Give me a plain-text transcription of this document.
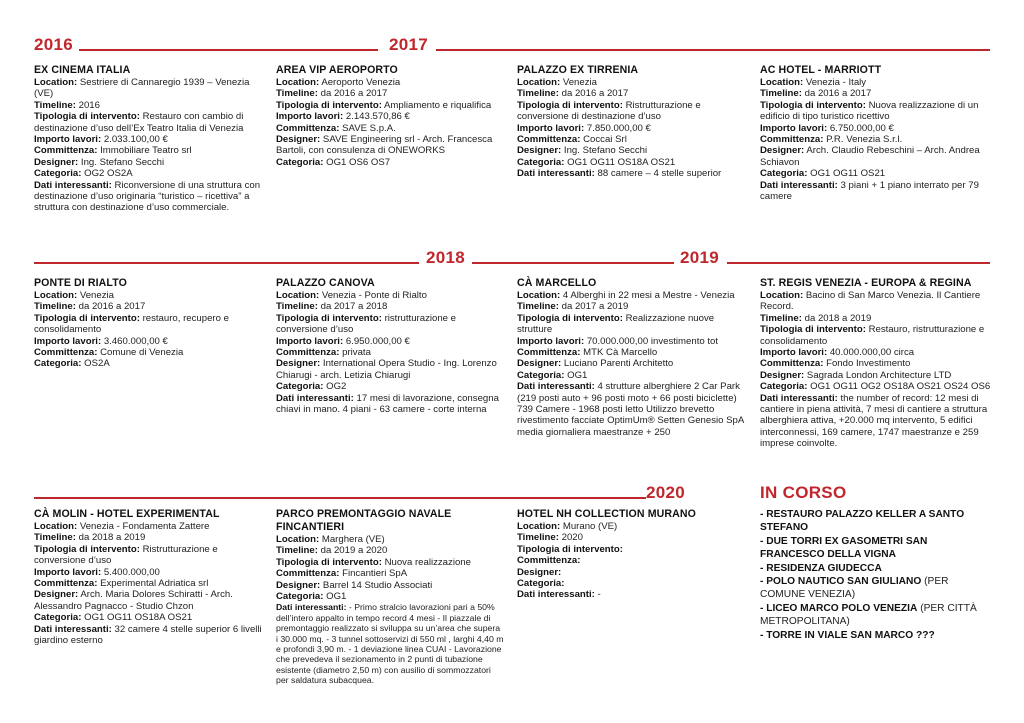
2016	2017
2018	2019
2020
EX CINEMA ITALIA
Location: Sestriere di Cannaregio 1939 – Venezia (VE)
Timeline: 2016
Tipologia di intervento: Restauro con cambio di destinazione d’uso dell’Ex Teatro Italia di Venezia
Importo lavori: 2.033.100,00 €
Committenza: Immobiliare Teatro srl
Designer: Ing. Stefano Secchi
Categoria: OG2 OS2A
Dati interessanti: Riconversione di una struttura con destinazione d’uso originaria “turistico – ricettiva” a struttura con destinazione d’uso commerciale.
AREA VIP AEROPORTO
Location: Aeroporto Venezia
Timeline: da 2016 a 2017
Tipologia di intervento: Ampliamento e riqualifica
Importo lavori: 2.143.570,86 €
Committenza: SAVE S.p.A.
Designer: SAVE Engineering srl - Arch. Francesca Bartoli, con consulenza di ONEWORKS
Categoria: OG1 OS6 OS7
PALAZZO EX TIRRENIA
Location: Venezia
Timeline: da 2016 a 2017
Tipologia di intervento: Ristrutturazione e conversione di destinazione d’uso
Importo lavori: 7.850.000,00 €
Committenza: Coccai Srl
Designer: Ing. Stefano Secchi
Categoria: OG1 OG11 OS18A OS21
Dati interessanti: 88 camere – 4 stelle superior
AC HOTEL - MARRIOTT
Location: Venezia - Italy
Timeline: da 2016 a 2017
Tipologia di intervento: Nuova realizzazione di un edificio di tipo turistico ricettivo
Importo lavori: 6.750.000,00 €
Committenza: P.R. Venezia S.r.l.
Designer: Arch. Claudio Rebeschini – Arch. Andrea Schiavon
Categoria: OG1 OG11 OS21
Dati interessanti: 3 piani + 1 piano interrato per 79 camere
PONTE DI RIALTO
Location: Venezia
Timeline: da 2016 a 2017
Tipologia di intervento: restauro, recupero e consolidamento
Importo lavori: 3.460.000,00 €
Committenza: Comune di Venezia
Categoria: OS2A
PALAZZO CANOVA
Location: Venezia - Ponte di Rialto
Timeline: da 2017 a 2018
Tipologia di intervento: ristrutturazione e conversione d’uso
Importo lavori: 6.950.000,00 €
Committenza: privata
Designer: International Opera Studio - Ing. Lorenzo Chiarugi - arch. Letizia Chiarugi
Categoria: OG2
Dati interessanti: 17 mesi di lavorazione, consegna chiavi in mano. 4 piani - 63 camere - corte interna
CÀ MARCELLO
Location: 4 Alberghi in 22 mesi a Mestre - Venezia
Timeline: da 2017 a 2019
Tipologia di intervento: Realizzazione nuove strutture
Importo lavori: 70.000.000,00 investimento tot
Committenza: MTK Cà Marcello
Designer: Luciano Parenti Architetto
Categoria: OG1
Dati interessanti: 4 strutture alberghiere 2 Car Park (219 posti auto + 96 posti moto + 66 posti biciclette) 739 Camere - 1968 posti letto Utilizzo brevetto rivestimento facciate OptimUm® Setten Genesio SpA media giornaliera maestranze + 250
ST. REGIS VENEZIA - EUROPA & REGINA
Location: Bacino di San Marco Venezia. Il Cantiere Record.
Timeline: da 2018 a 2019
Tipologia di intervento: Restauro, ristrutturazione e consolidamento
Importo lavori: 40.000.000,00 circa
Committenza: Fondo Investimento
Designer: Sagrada London Architecture LTD
Categoria: OG1 OG11 OG2 OS18A OS21 OS24 OS6
Dati interessanti: the number of record: 12 mesi di cantiere in piena attività, 7 mesi di cantiere a struttura alberghiera attiva, +20.000 mq intervento, 5 edifici interconnessi, 169 camere, 1747 maestranze e 259 imprese coinvolte.
CÀ MOLIN - HOTEL EXPERIMENTAL
Location: Venezia - Fondamenta Zattere
Timeline: da 2018 a 2019
Tipologia di intervento: Ristrutturazione e conversione d’uso
Importo lavori: 5.400.000,00
Committenza: Experimental Adriatica srl
Designer: Arch. Maria Dolores Schiratti - Arch. Alessandro Pagnacco - Studio Chzon
Categoria: OG1 OG11 OS18A OS21
Dati interessanti: 32 camere 4 stelle superior 6 livelli giardino esterno
PARCO PREMONTAGGIO NAVALE FINCANTIERI
Location: Marghera (VE)
Timeline: da 2019 a 2020
Tipologia di intervento: Nuova realizzazione
Committenza: Fincantieri SpA
Designer: Barrel 14 Studio Associati
Categoria: OG1
Dati interessanti: - Primo stralcio lavorazioni pari a 50% dell’intero appalto in tempo record 4 mesi - Il piazzale di premontaggio realizzato si sviluppa su un’area che supera i 30.000 mq. - 3 tunnel sottoservizi di 550 ml , larghi 4,40 m e profondi 3,90 m. - 1 deviazione linea CUAI - Lavorazione che prevedeva il sezionamento in 2 punti di tubazione esistente (diametro 2,50 m) con ausilio di sommozzatori per saldatura subacquea.
HOTEL NH COLLECTION MURANO
Location: Murano (VE)
Timeline: 2020
Tipologia di intervento:
Committenza:
Designer:
Categoria:
Dati interessanti: -
IN CORSO
- RESTAURO PALAZZO KELLER A SANTO STEFANO
- DUE TORRI EX GASOMETRI SAN FRANCESCO DELLA VIGNA
- RESIDENZA GIUDECCA
- POLO NAUTICO SAN GIULIANO (PER COMUNE VENEZIA)
- LICEO MARCO POLO VENEZIA (PER CITTÀ METROPOLITANA)
- TORRE IN VIALE SAN MARCO ???
